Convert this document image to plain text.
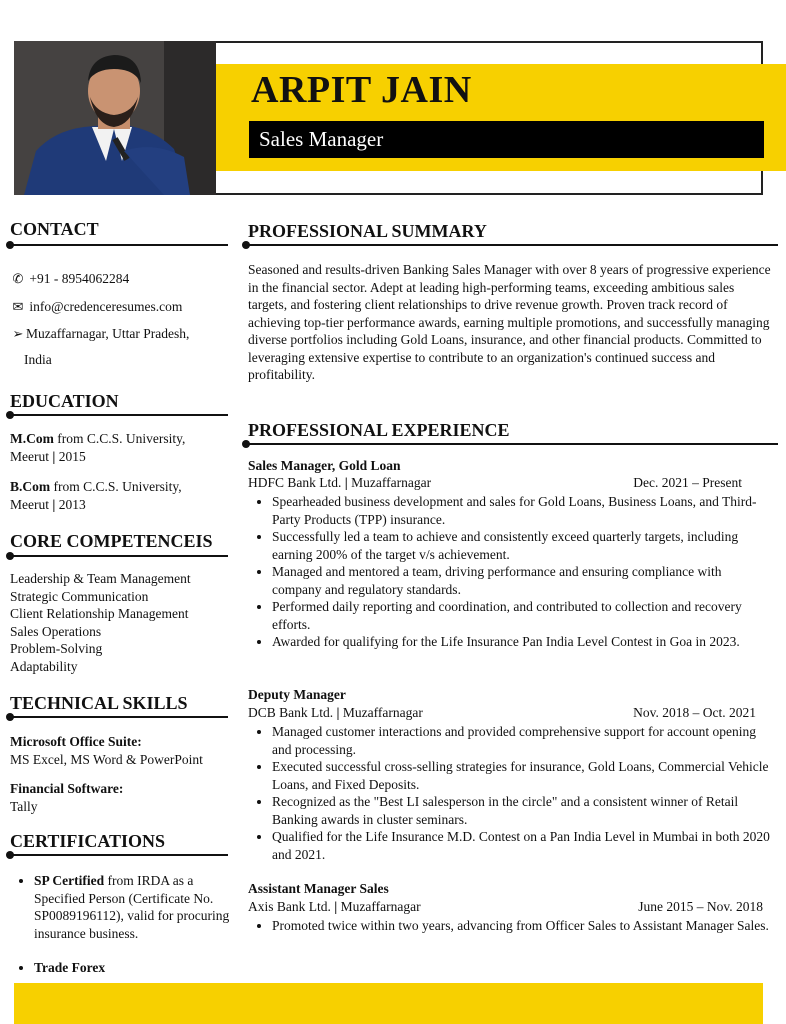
ARPIT JAIN
Sales Manager
CONTACT
✆ +91 - 8954062284
✉ info@credenceresumes.com
➢ Muzaffarnagar, Uttar Pradesh,
India
EDUCATION
M.Com from C.C.S. University,
Meerut | 2015
B.Com from C.C.S. University,
Meerut | 2013
CORE COMPETENCEIS
Leadership & Team Management
Strategic Communication
Client Relationship Management
Sales Operations
Problem-Solving
Adaptability
TECHNICAL SKILLS
Microsoft Office Suite:
MS Excel, MS Word & PowerPoint
Financial Software:
Tally
CERTIFICATIONS
• SP Certified from IRDA as a Specified Person (Certificate No. SP0089196112), valid for procuring insurance business.
• Trade Forex
PROFESSIONAL SUMMARY
Seasoned and results-driven Banking Sales Manager with over 8 years of progressive experience in the financial sector. Adept at leading high-performing teams, exceeding ambitious sales targets, and fostering client relationships to drive revenue growth. Proven track record of achieving top-tier performance awards, earning multiple promotions, and successfully managing diverse portfolios including Gold Loans, insurance, and other financial products. Committed to leveraging extensive expertise to contribute to an organization's continued success and profitability.
PROFESSIONAL EXPERIENCE
Sales Manager, Gold Loan
HDFC Bank Ltd. | Muzaffarnagar	Dec. 2021 – Present
• Spearheaded business development and sales for Gold Loans, Business Loans, and Third-Party Products (TPP) insurance.
• Successfully led a team to achieve and consistently exceed quarterly targets, including earning 200% of the target v/s achievement.
• Managed and mentored a team, driving performance and ensuring compliance with company and regulatory standards.
• Performed daily reporting and coordination, and contributed to collection and recovery efforts.
• Awarded for qualifying for the Life Insurance Pan India Level Contest in Goa in 2023.
Deputy Manager
DCB Bank Ltd. | Muzaffarnagar	Nov. 2018 – Oct. 2021
• Managed customer interactions and provided comprehensive support for account opening and processing.
• Executed successful cross-selling strategies for insurance, Gold Loans, Commercial Vehicle Loans, and Fixed Deposits.
• Recognized as the "Best LI salesperson in the circle" and a consistent winner of Retail Banking awards in cluster seminars.
• Qualified for the Life Insurance M.D. Contest on a Pan India Level in Mumbai in both 2020 and 2021.
Assistant Manager Sales
Axis Bank Ltd. | Muzaffarnagar	June 2015 – Nov. 2018
• Promoted twice within two years, advancing from Officer Sales to Assistant Manager Sales.
